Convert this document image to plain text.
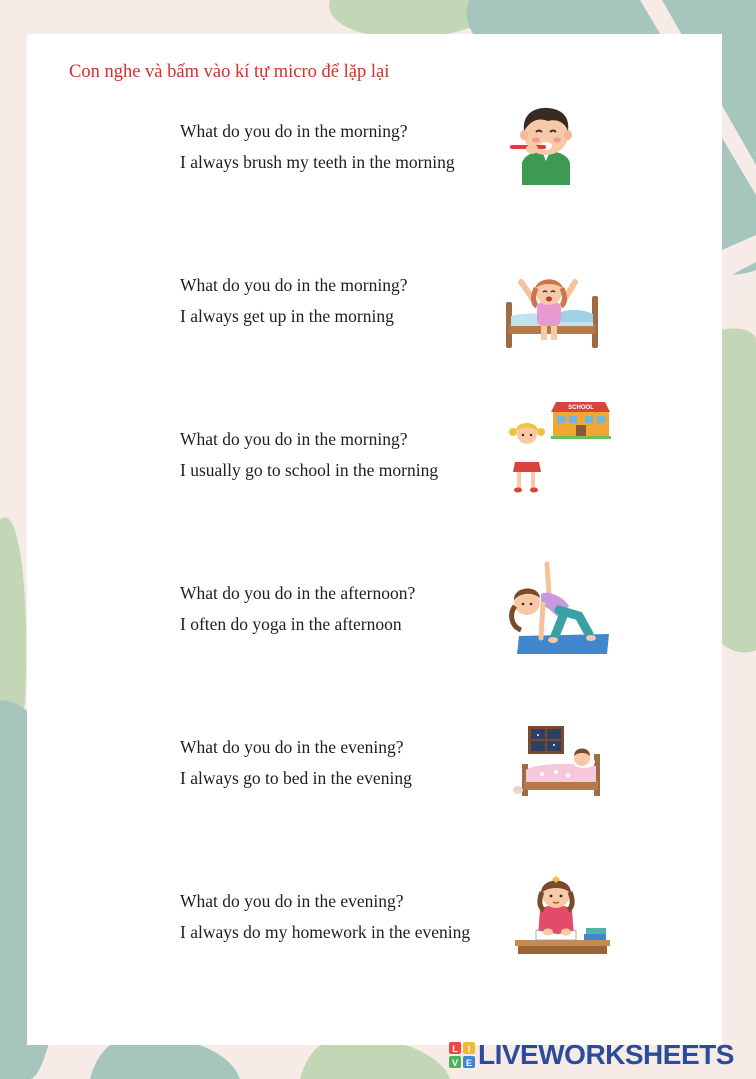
Con nghe và bấm vào kí tự micro để lặp lại
What do you do in the morning?
I always brush my teeth in the morning
What do you do in the morning?
I always get up in the morning
What do you do in the morning?
I usually go to school in the morning
SCHOOL
What do you do in the afternoon?
I often do yoga in the afternoon
What do you do in the evening?
I always go to bed in the evening
What do you do in the evening?
I always do my homework in the evening
L I
V E LIVEWORKSHEETS
